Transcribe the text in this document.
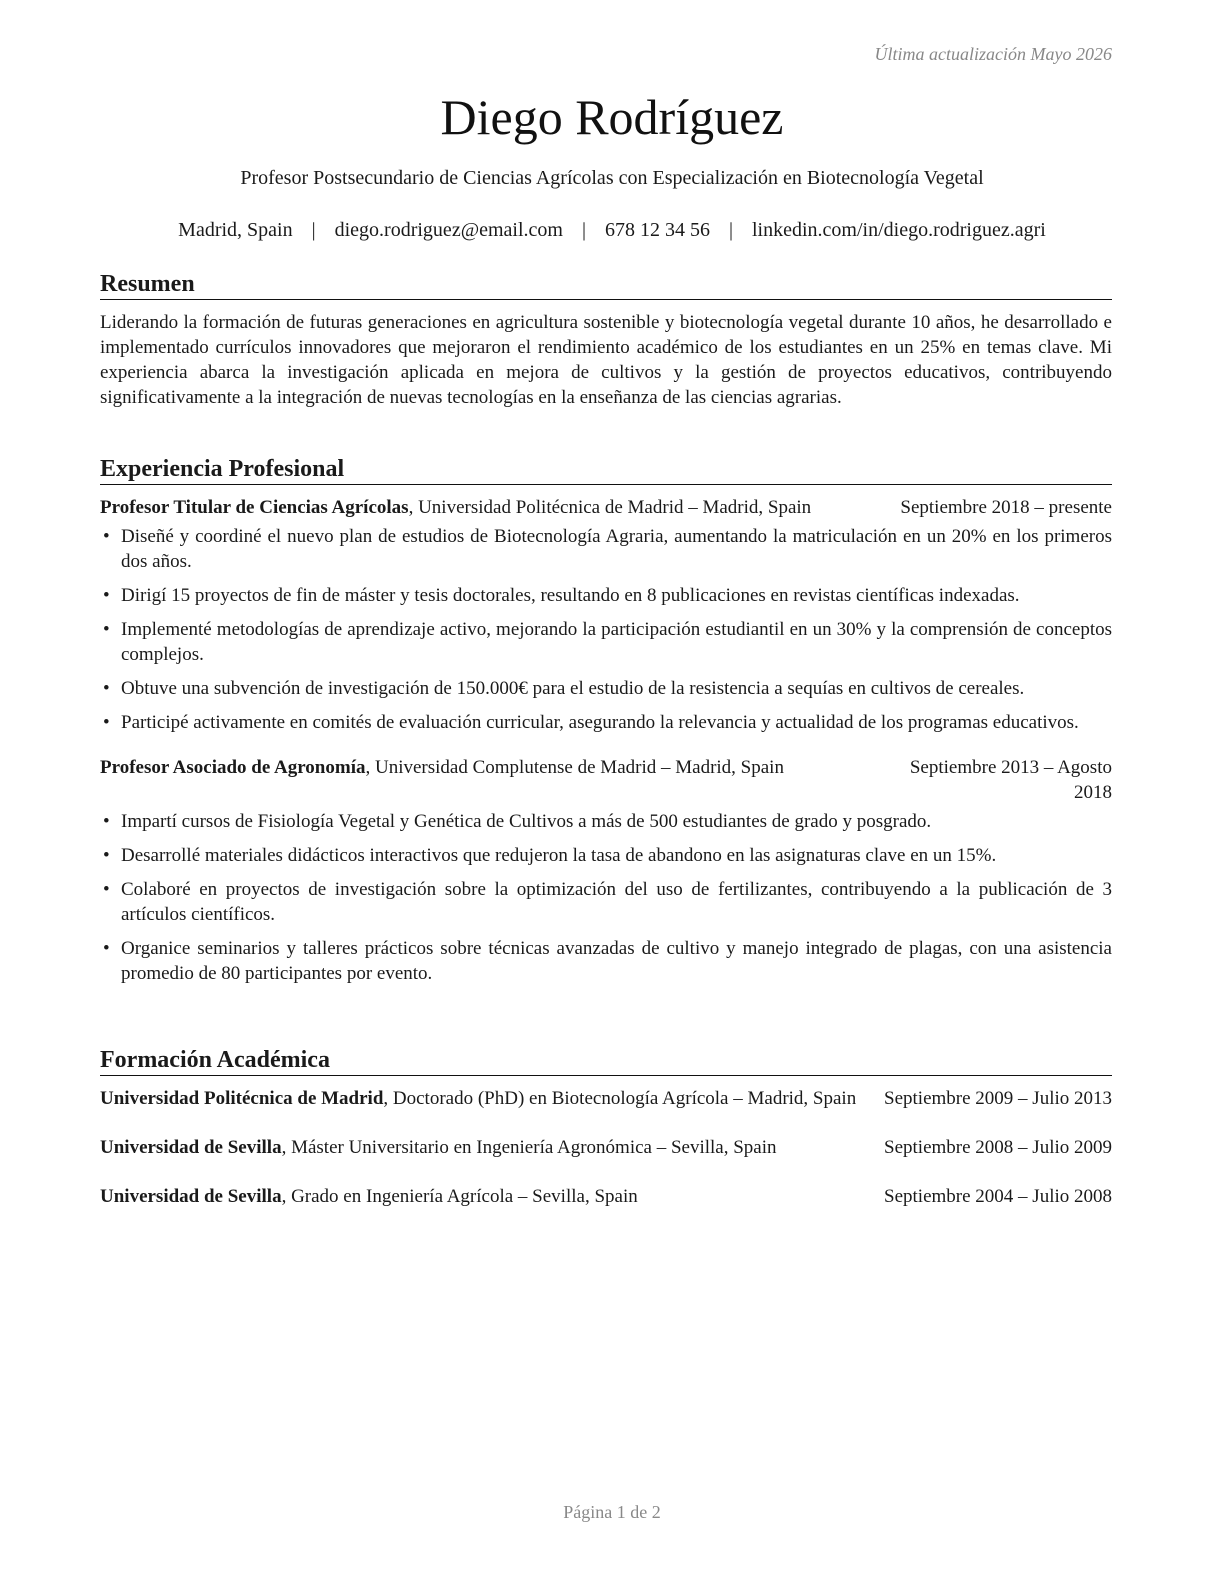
Última actualización Mayo 2026
Diego Rodríguez
Profesor Postsecundario de Ciencias Agrícolas con Especialización en Biotecnología Vegetal
Madrid, Spain | diego.rodriguez@email.com | 678 12 34 56 | linkedin.com/in/diego.rodriguez.agri
Resumen

Liderando la formación de futuras generaciones en agricultura sostenible y biotecnología vegetal durante 10 años, he desarrollado e implementado currículos innovadores que mejoraron el rendimiento académico de los estudiantes en un 25% en temas clave. Mi experiencia abarca la investigación aplicada en mejora de cultivos y la gestión de proyectos educativos, contribuyendo significativamente a la integración de nuevas tecnologías en la enseñanza de las ciencias agrarias.

Experiencia Profesional
Profesor Titular de Ciencias Agrícolas, Universidad Politécnica de Madrid – Madrid, Spain	Septiembre 2018 – presente
• Diseñé y coordiné el nuevo plan de estudios de Biotecnología Agraria, aumentando la matriculación en un 20% en los primeros dos años.
• Dirigí 15 proyectos de fin de máster y tesis doctorales, resultando en 8 publicaciones en revistas científicas indexadas.
• Implementé metodologías de aprendizaje activo, mejorando la participación estudiantil en un 30% y la comprensión de conceptos complejos.
• Obtuve una subvención de investigación de 150.000€ para el estudio de la resistencia a sequías en cultivos de cereales.
• Participé activamente en comités de evaluación curricular, asegurando la relevancia y actualidad de los programas educativos.
Profesor Asociado de Agronomía, Universidad Complutense de Madrid – Madrid, Spain	Septiembre 2013 – Agosto 2018
• Impartí cursos de Fisiología Vegetal y Genética de Cultivos a más de 500 estudiantes de grado y posgrado.
• Desarrollé materiales didácticos interactivos que redujeron la tasa de abandono en las asignaturas clave en un 15%.
• Colaboré en proyectos de investigación sobre la optimización del uso de fertilizantes, contribuyendo a la publicación de 3 artículos científicos.
• Organice seminarios y talleres prácticos sobre técnicas avanzadas de cultivo y manejo integrado de plagas, con una asistencia promedio de 80 participantes por evento.
Formación Académica
Universidad Politécnica de Madrid, Doctorado (PhD) en Biotecnología Agrícola – Madrid, Spain	Septiembre 2009 – Julio 2013
Universidad de Sevilla, Máster Universitario en Ingeniería Agronómica – Sevilla, Spain	Septiembre 2008 – Julio 2009
Universidad de Sevilla, Grado en Ingeniería Agrícola – Sevilla, Spain	Septiembre 2004 – Julio 2008
Página 1 de 2
